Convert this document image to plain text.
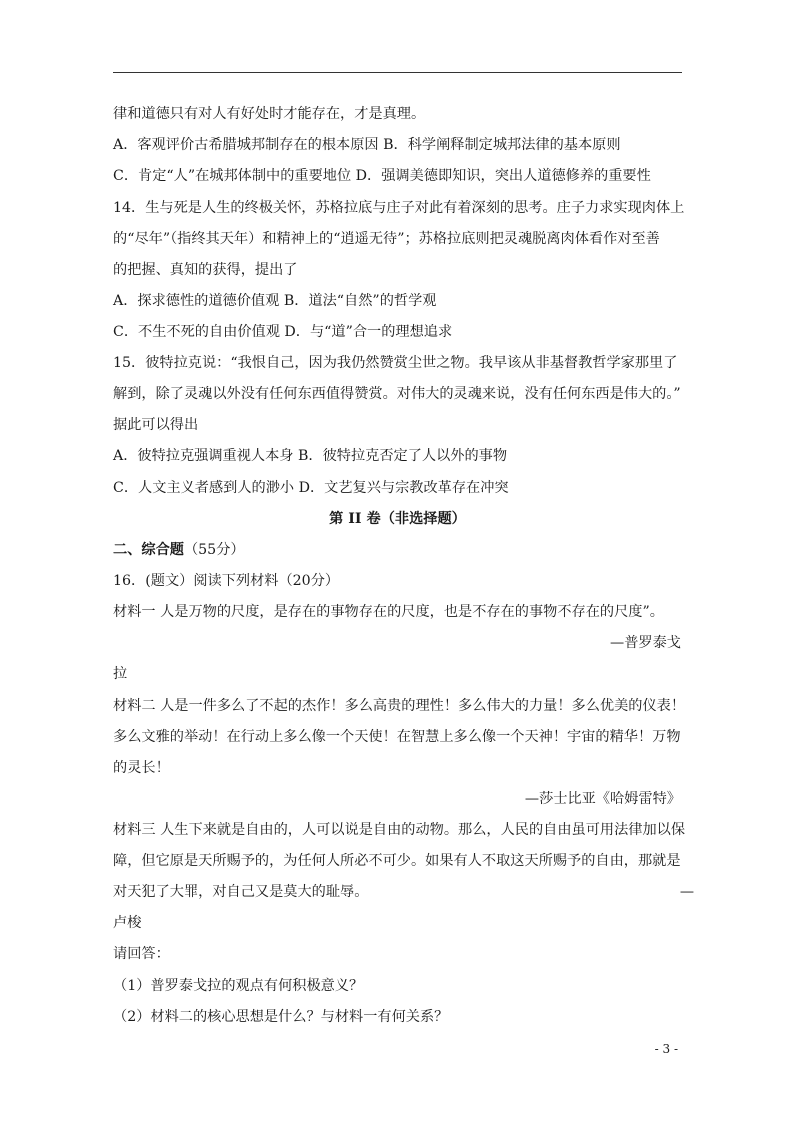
律和道德只有对人有好处时才能存在，才是真理。
A．客观评价古希腊城邦制存在的根本原因 B．科学阐释制定城邦法律的基本原则
C．肯定“人”在城邦体制中的重要地位 D．强调美德即知识，突出人道德修养的重要性
14．生与死是人生的终极关怀，苏格拉底与庄子对此有着深刻的思考。庄子力求实现肉体上
的“尽年”（指终其天年）和精神上的“逍遥无待”；苏格拉底则把灵魂脱离肉体看作对至善
的把握、真知的获得，提出了
A．探求德性的道德价值观 B．道法“自然”的哲学观
C．不生不死的自由价值观 D．与“道”合一的理想追求
15．彼特拉克说：“我恨自己，因为我仍然赞赏尘世之物。我早该从非基督教哲学家那里了
解到，除了灵魂以外没有任何东西值得赞赏。对伟大的灵魂来说，没有任何东西是伟大的。”
据此可以得出
A．彼特拉克强调重视人本身 B．彼特拉克否定了人以外的事物
C．人文主义者感到人的渺小 D．文艺复兴与宗教改革存在冲突
第 II 卷（非选择题）
二、综合题（55分）
16．(题文）阅读下列材料（20分）
材料一 人是万物的尺度，是存在的事物存在的尺度，也是不存在的事物不存在的尺度”。
—普罗泰戈
拉
材料二 人是一件多么了不起的杰作！多么高贵的理性！多么伟大的力量！多么优美的仪表！
多么文雅的举动！在行动上多么像一个天使！在智慧上多么像一个天神！宇宙的精华！万物
的灵长！
—莎士比亚《哈姆雷特》
材料三 人生下来就是自由的，人可以说是自由的动物。那么，人民的自由虽可用法律加以保
障，但它原是天所赐予的，为任何人所必不可少。如果有人不取这天所赐予的自由，那就是
对天犯了大罪，对自己又是莫大的耻辱。	—
卢梭
请回答：
（1）普罗泰戈拉的观点有何积极意义？
（2）材料二的核心思想是什么？与材料一有何关系？
- 3 -
